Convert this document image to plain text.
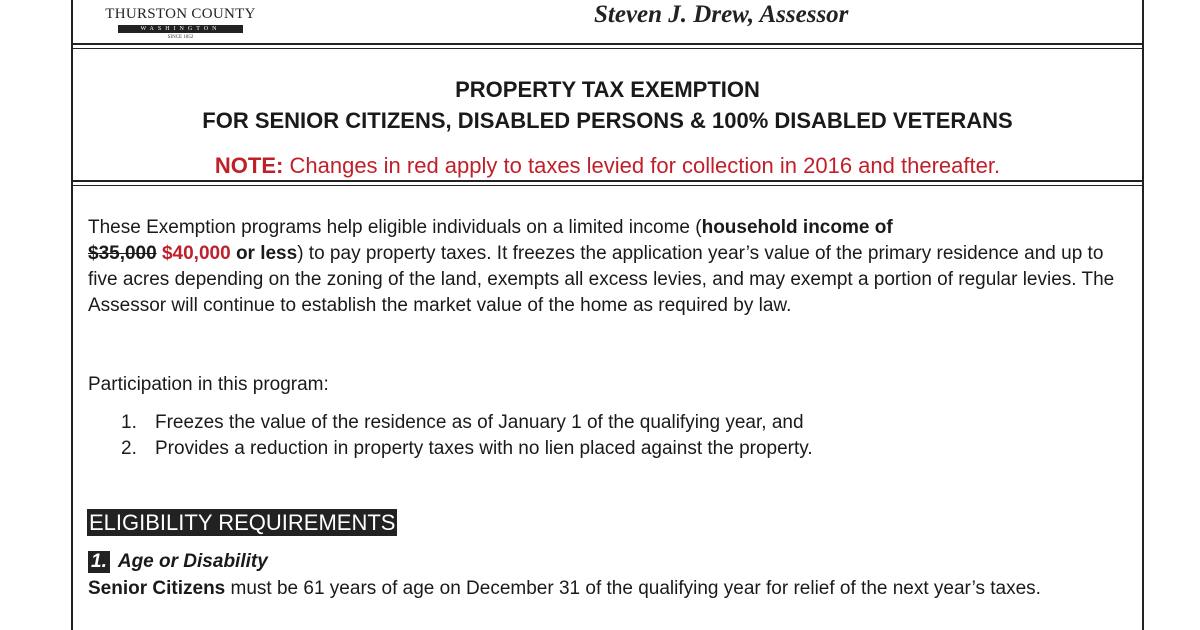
THURSTON COUNTY
WASHINGTON
SINCE 1852
Steven J. Drew, Assessor
PROPERTY TAX EXEMPTION
FOR SENIOR CITIZENS, DISABLED PERSONS & 100% DISABLED VETERANS
NOTE: Changes in red apply to taxes levied for collection in 2016 and thereafter.
These Exemption programs help eligible individuals on a limited income (household income of
$35,000 $40,000 or less) to pay property taxes. It freezes the application year’s value of the primary residence and up to five acres depending on the zoning of the land, exempts all excess levies, and may exempt a portion of regular levies. The Assessor will continue to establish the market value of the home as required by law.
Participation in this program:
1. Freezes the value of the residence as of January 1 of the qualifying year, and
2. Provides a reduction in property taxes with no lien placed against the property.
ELIGIBILITY REQUIREMENTS
1. Age or Disability
Senior Citizens must be 61 years of age on December 31 of the qualifying year for relief of the next year’s taxes.
